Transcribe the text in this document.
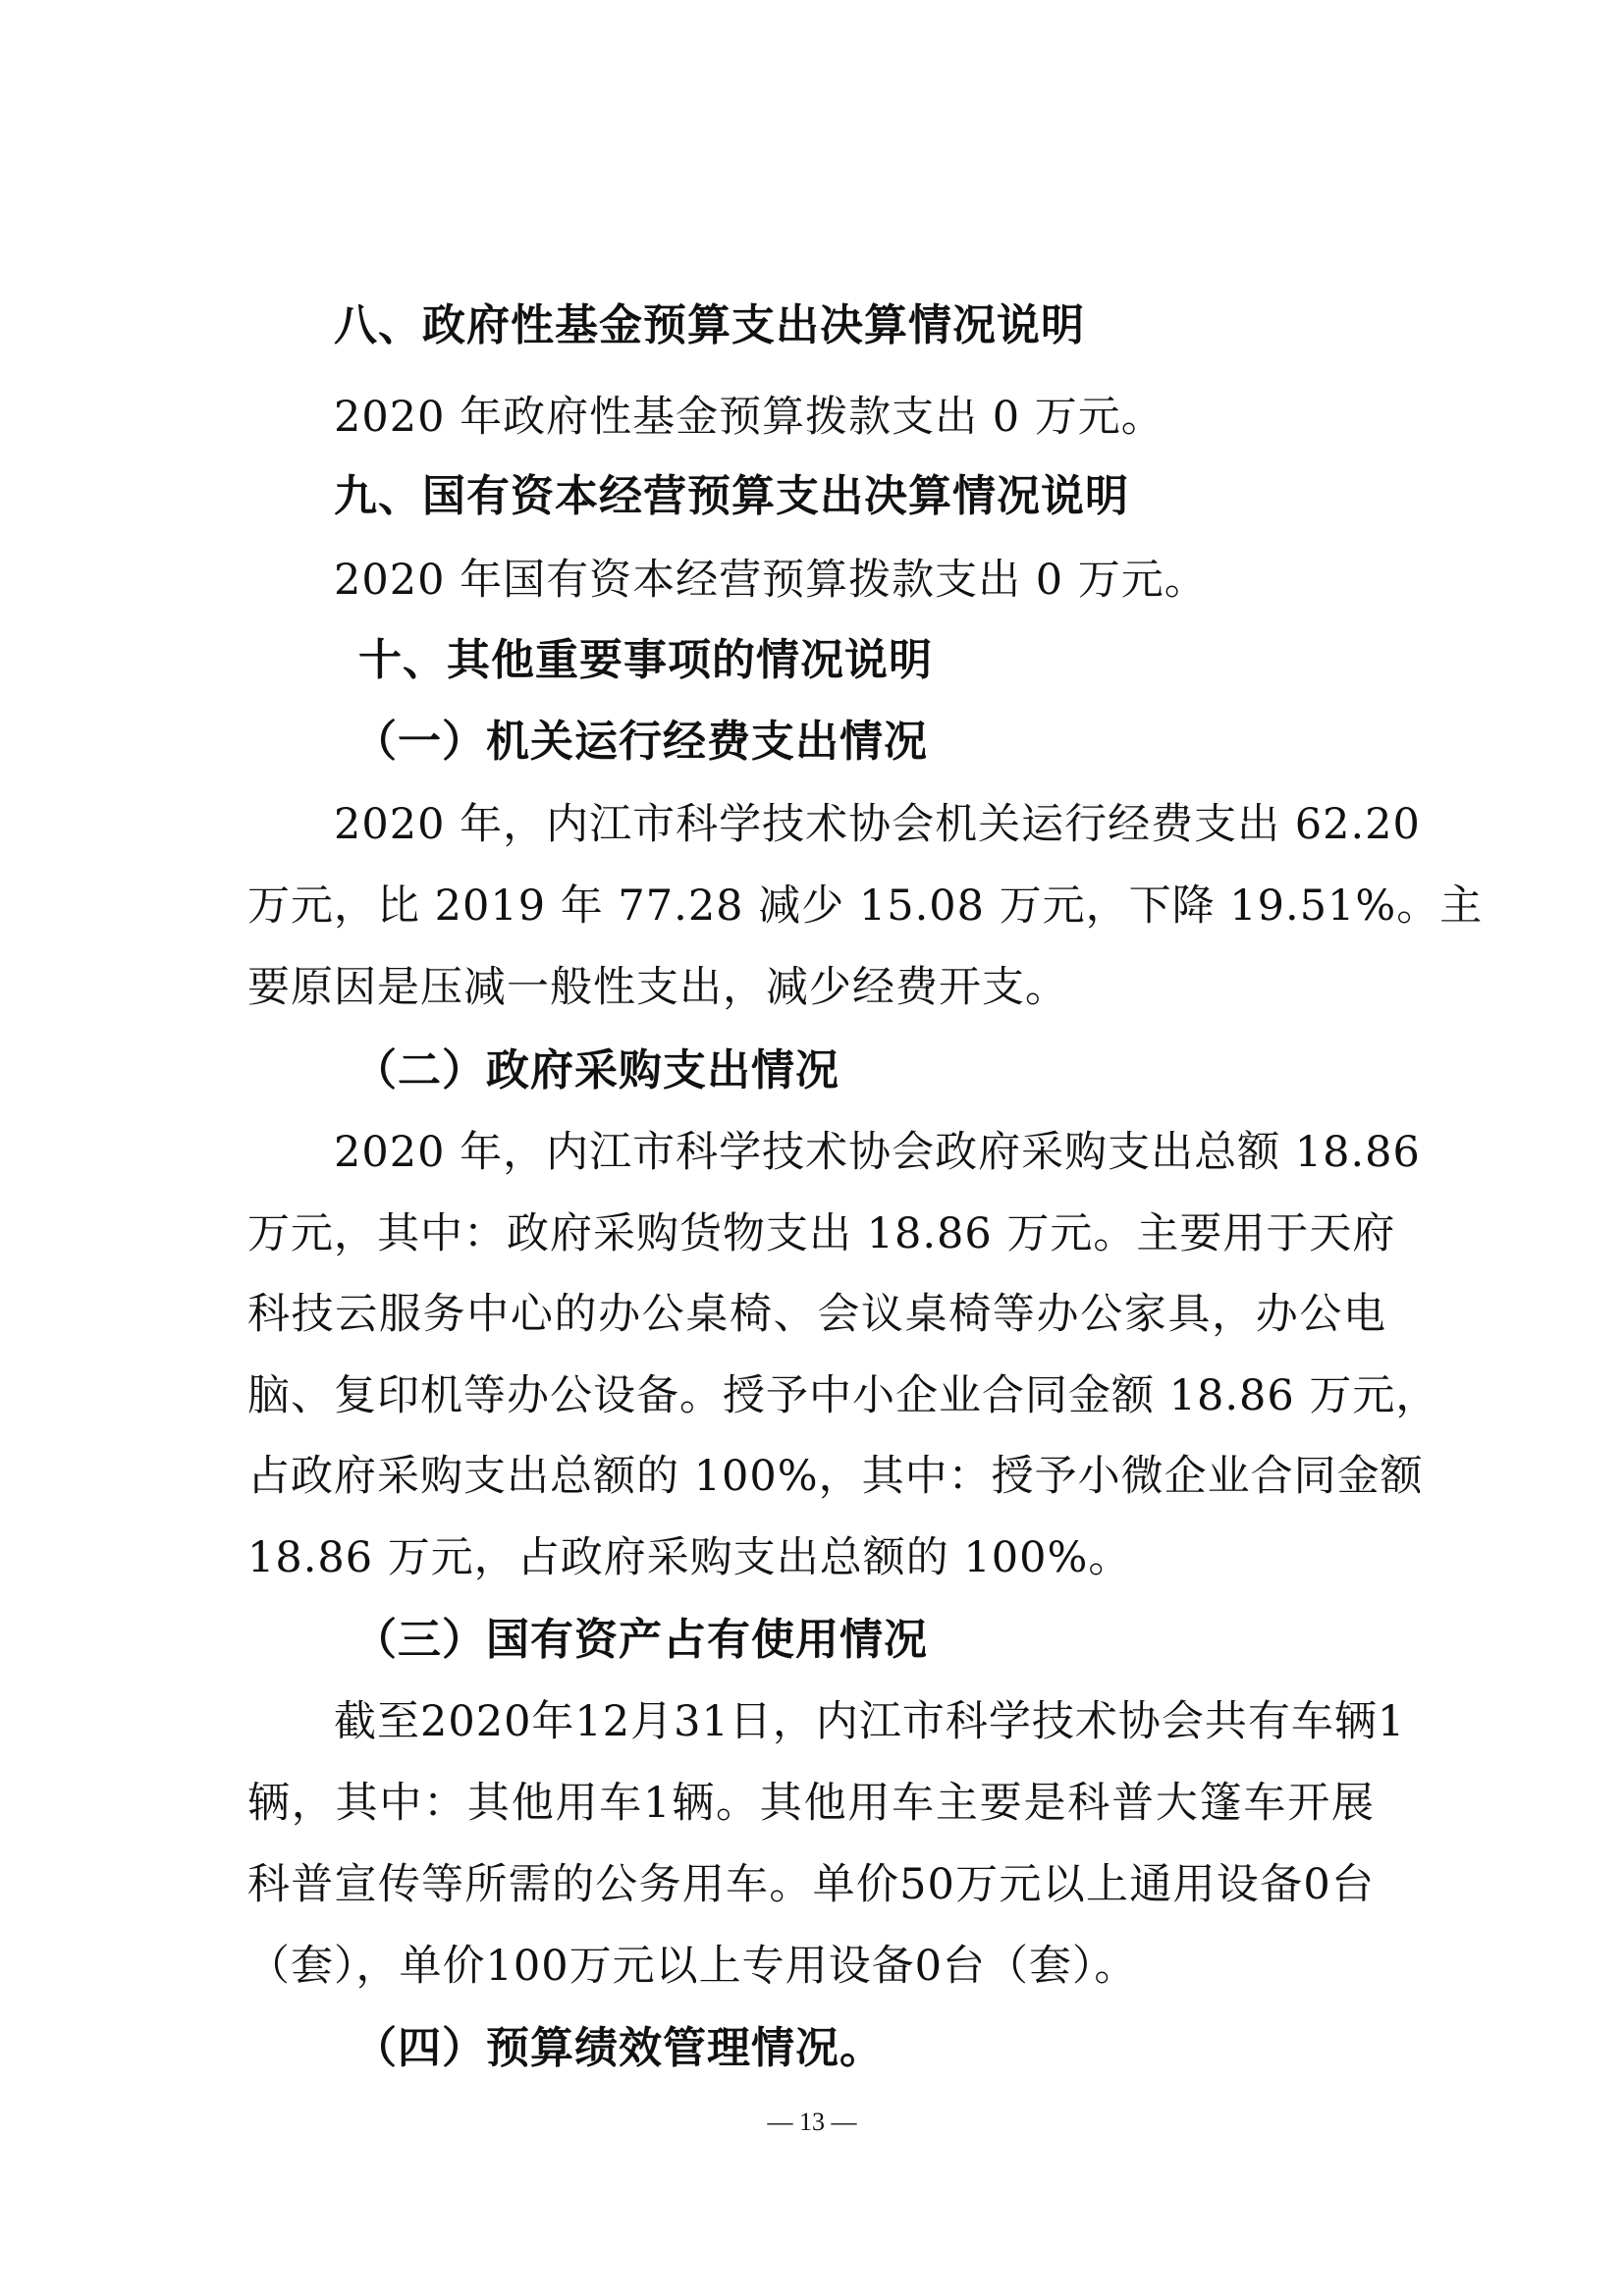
八、政府性基金预算支出决算情况说明
2020 年政府性基金预算拨款支出 0 万元。
九、国有资本经营预算支出决算情况说明
2020 年国有资本经营预算拨款支出 0 万元。
十、其他重要事项的情况说明
（一）机关运行经费支出情况
2020 年，内江市科学技术协会机关运行经费支出 62.20
万元，比 2019 年 77.28 减少 15.08 万元，下降 19.51%。主
要原因是压减一般性支出，减少经费开支。
（二）政府采购支出情况
2020 年，内江市科学技术协会政府采购支出总额 18.86
万元，其中：政府采购货物支出 18.86 万元。主要用于天府
科技云服务中心的办公桌椅、会议桌椅等办公家具，办公电
脑、复印机等办公设备。授予中小企业合同金额 18.86 万元，
占政府采购支出总额的 100%，其中：授予小微企业合同金额
18.86 万元，占政府采购支出总额的 100%。
（三）国有资产占有使用情况
截至2020年12月31日，内江市科学技术协会共有车辆1
辆，其中：其他用车1辆。其他用车主要是科普大篷车开展
科普宣传等所需的公务用车。单价50万元以上通用设备0台
（套），单价100万元以上专用设备0台（套）。
（四）预算绩效管理情况。
— 13 —
